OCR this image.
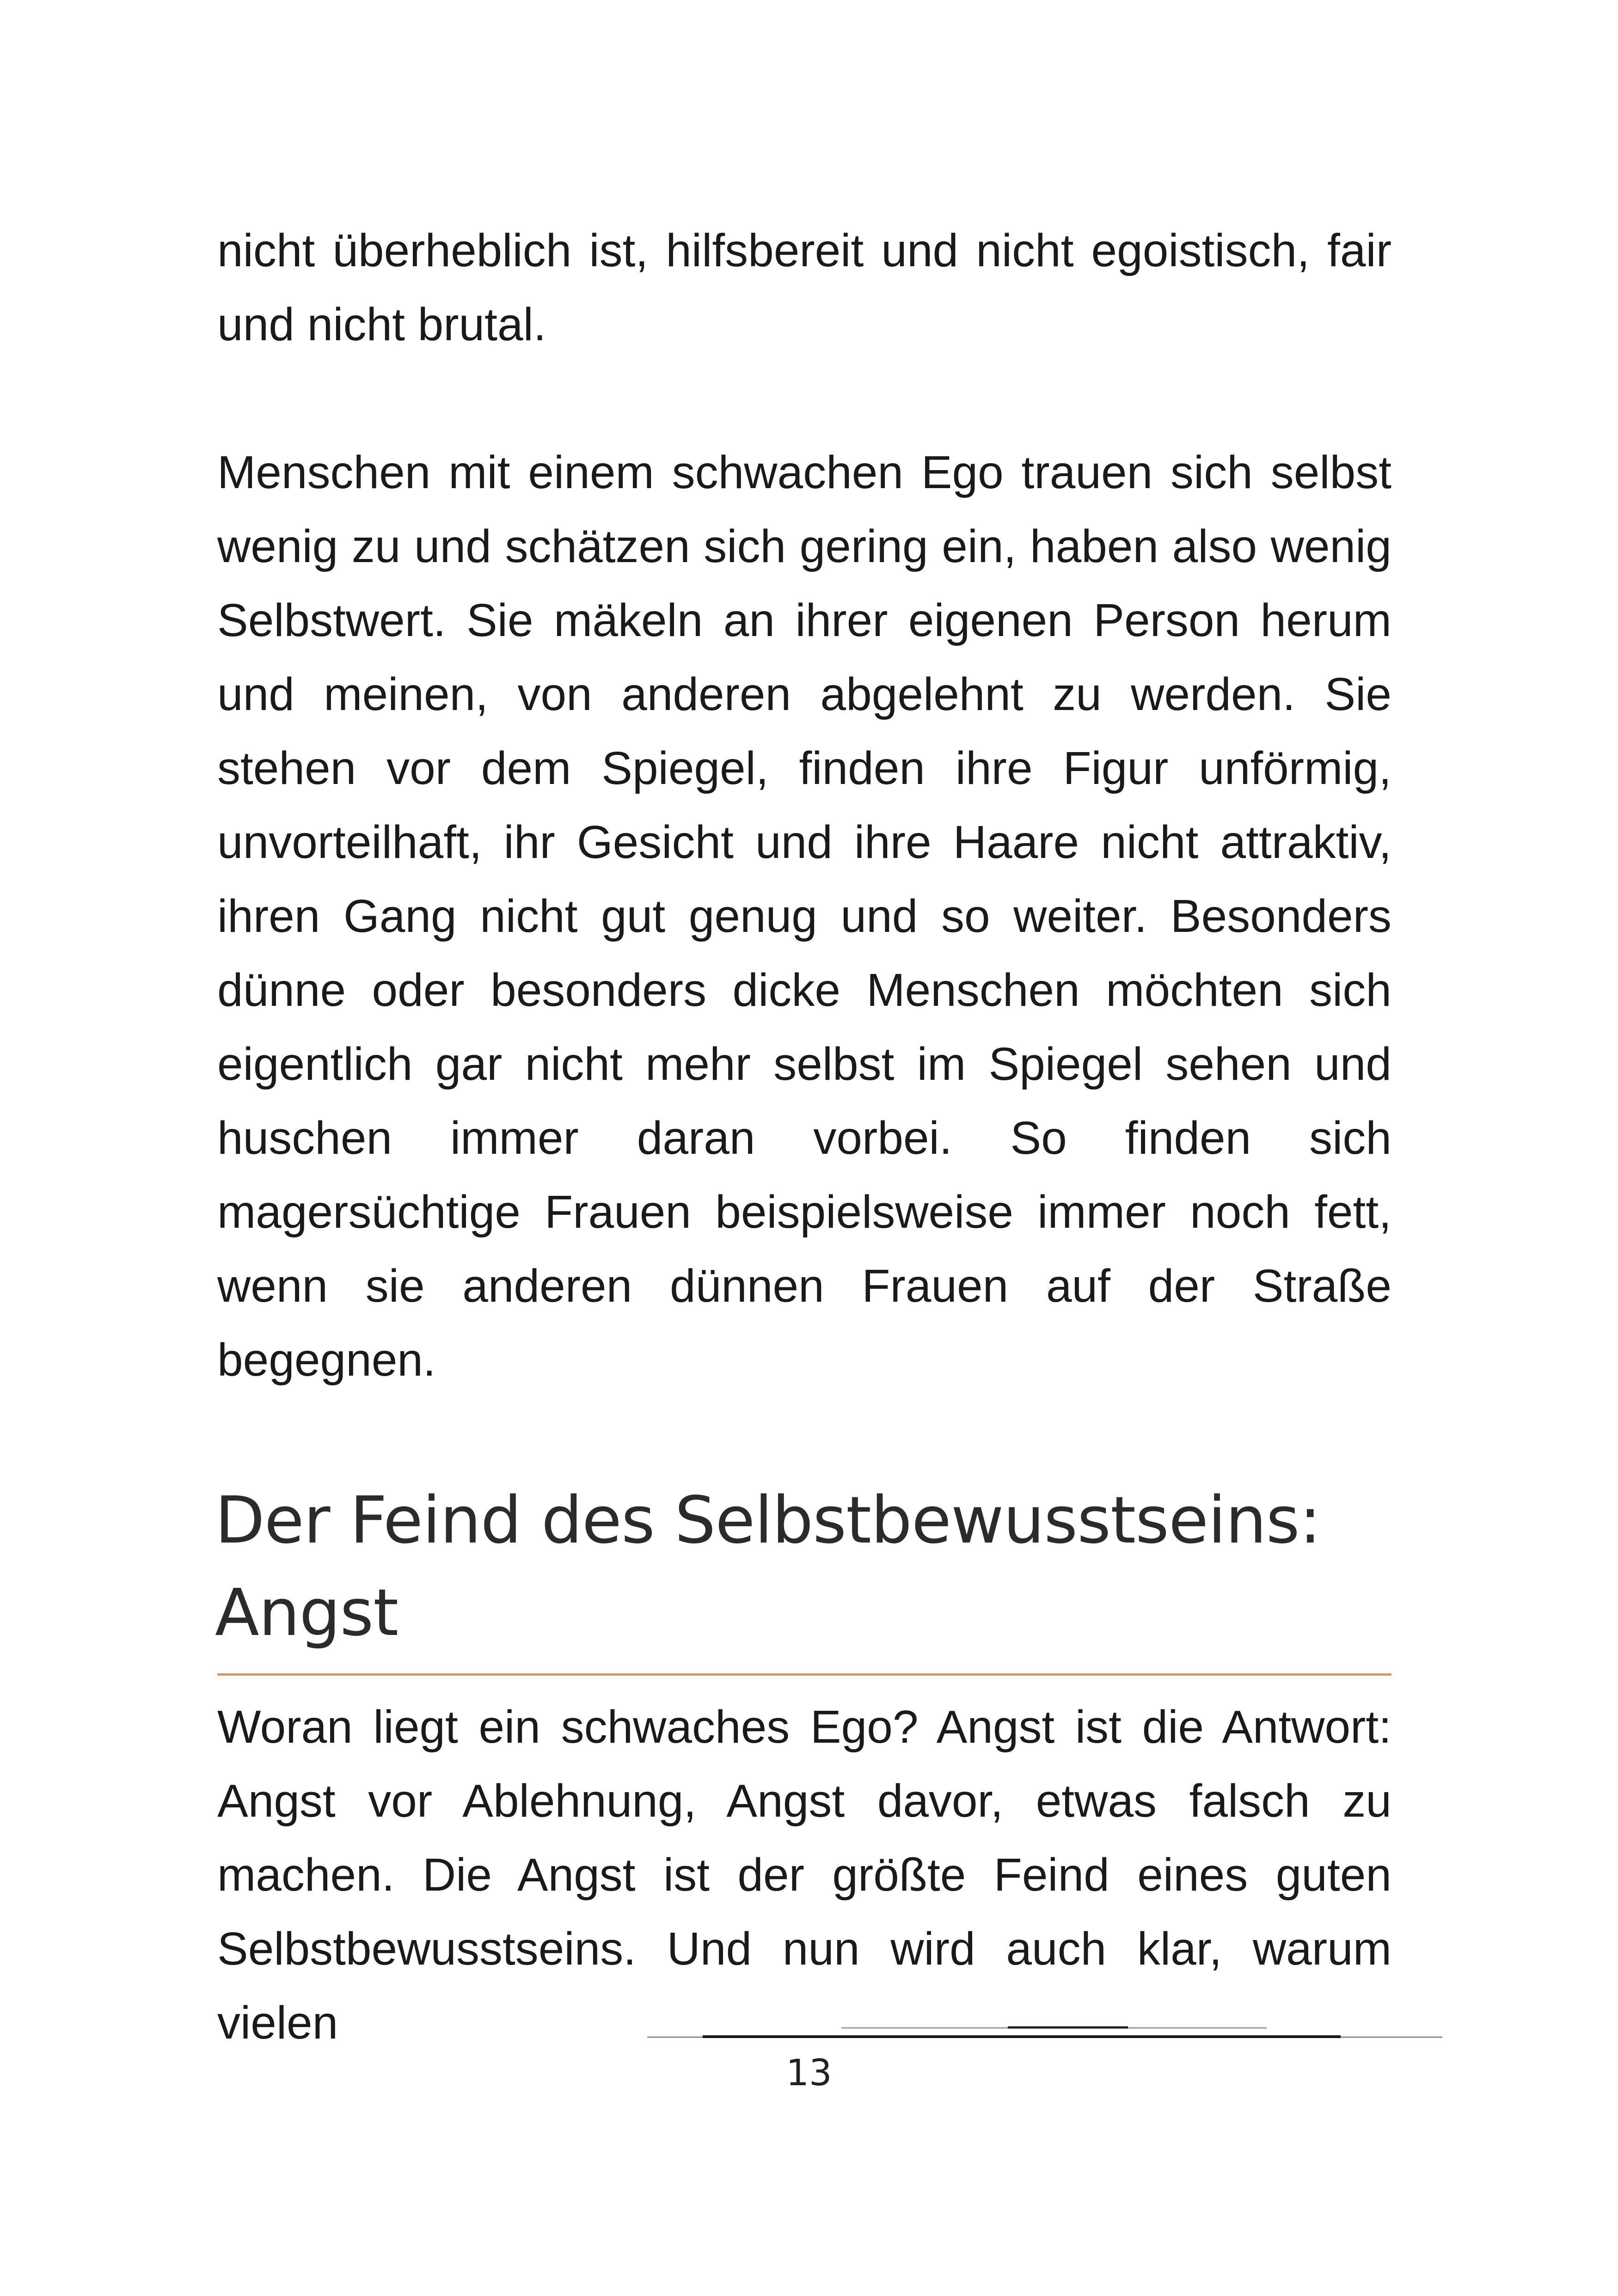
nicht überheblich ist, hilfsbereit und nicht egoistisch, fair und nicht brutal.

Menschen mit einem schwachen Ego trauen sich selbst wenig zu und schätzen sich gering ein, haben also wenig Selbstwert. Sie mäkeln an ihrer eigenen Person herum und meinen, von anderen abgelehnt zu werden. Sie stehen vor dem Spiegel, finden ihre Figur unförmig, unvorteilhaft, ihr Gesicht und ihre Haare nicht attraktiv, ihren Gang nicht gut genug und so weiter. Besonders dünne oder besonders dicke Menschen möchten sich eigentlich gar nicht mehr selbst im Spiegel sehen und huschen immer daran vorbei. So finden sich magersüchtige Frauen beispielsweise immer noch fett, wenn sie anderen dünnen Frauen auf der Straße begegnen.

Der Feind des Selbstbewusstseins:
Angst

Woran liegt ein schwaches Ego? Angst ist die Antwort: Angst vor Ablehnung, Angst davor, etwas falsch zu machen. Die Angst ist der größte Feind eines guten Selbstbewusstseins. Und nun wird auch klar, warum vielen

13
